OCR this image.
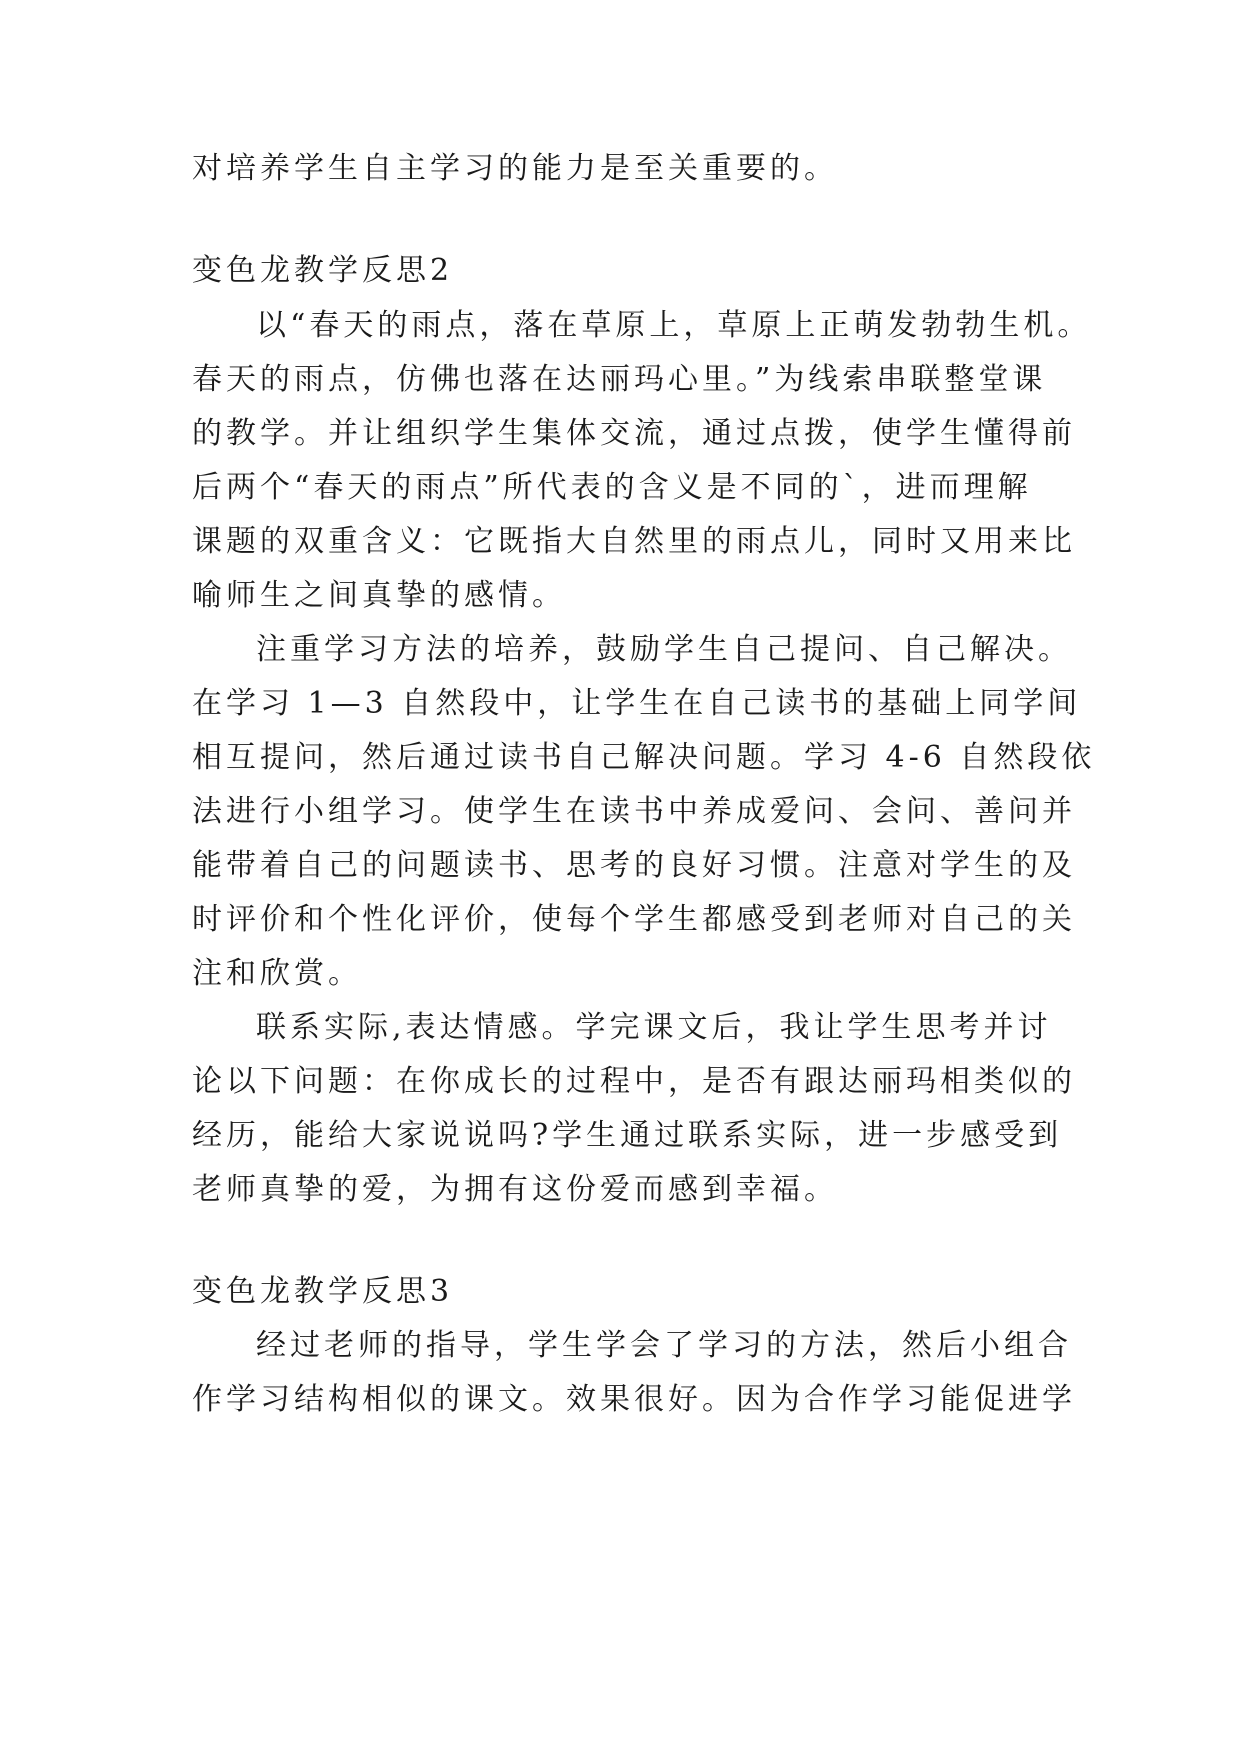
对培养学生自主学习的能力是至关重要的。
变色龙教学反思2
以“春天的雨点，落在草原上，草原上正萌发勃勃生机。
春天的雨点，仿佛也落在达丽玛心里。”为线索串联整堂课
的教学。并让组织学生集体交流，通过点拨，使学生懂得前
后两个“春天的雨点”所代表的含义是不同的`，进而理解
课题的双重含义：它既指大自然里的雨点儿，同时又用来比
喻师生之间真挚的感情。
注重学习方法的培养，鼓励学生自己提问、自己解决。
在学习 1—3 自然段中，让学生在自己读书的基础上同学间
相互提问，然后通过读书自己解决问题。学习 4-6 自然段依
法进行小组学习。使学生在读书中养成爱问、会问、善问并
能带着自己的问题读书、思考的良好习惯。注意对学生的及
时评价和个性化评价，使每个学生都感受到老师对自己的关
注和欣赏。
联系实际,表达情感。学完课文后，我让学生思考并讨
论以下问题：在你成长的过程中，是否有跟达丽玛相类似的
经历，能给大家说说吗?学生通过联系实际，进一步感受到
老师真挚的爱，为拥有这份爱而感到幸福。
变色龙教学反思3
经过老师的指导，学生学会了学习的方法，然后小组合
作学习结构相似的课文。效果很好。因为合作学习能促进学
